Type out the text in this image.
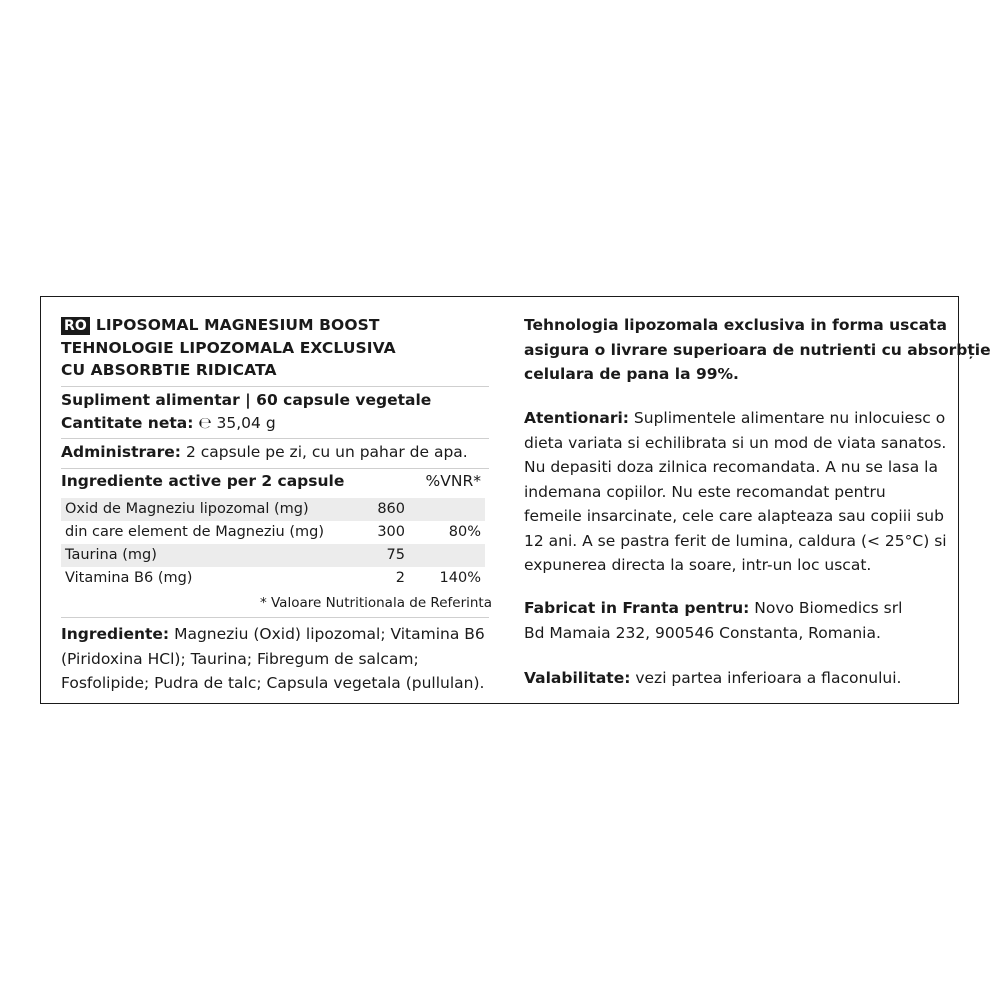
RO LIPOSOMAL MAGNESIUM BOOST
TEHNOLOGIE LIPOZOMALA EXCLUSIVA
CU ABSORBTIE RIDICATA
Supliment alimentar | 60 capsule vegetale
Cantitate neta: ℮ 35,04 g
Administrare: 2 capsule pe zi, cu un pahar de apa.
Ingrediente active per 2 capsule	%VNR*
Oxid de Magneziu lipozomal (mg)	860
din care element de Magneziu (mg)	300	80%
Taurina (mg)	75
Vitamina B6 (mg)	2 140%
* Valoare Nutritionala de Referinta
Ingrediente: Magneziu (Oxid) lipozomal; Vitamina B6
(Piridoxina HCl); Taurina; Fibregum de salcam;
Fosfolipide; Pudra de talc; Capsula vegetala (pullulan).
Tehnologia lipozomala exclusiva in forma uscata
asigura o livrare superioara de nutrienti cu absorbție
celulara de pana la 99%.
Atentionari: Suplimentele alimentare nu inlocuiesc o
dieta variata si echilibrata si un mod de viata sanatos.
Nu depasiti doza zilnica recomandata. A nu se lasa la
indemana copiilor. Nu este recomandat pentru
femeile insarcinate, cele care alapteaza sau copiii sub
12 ani. A se pastra ferit de lumina, caldura (< 25°C) si
expunerea directa la soare, intr-un loc uscat.
Fabricat in Franta pentru: Novo Biomedics srl
Bd Mamaia 232, 900546 Constanta, Romania.
Valabilitate: vezi partea inferioara a flaconului.
